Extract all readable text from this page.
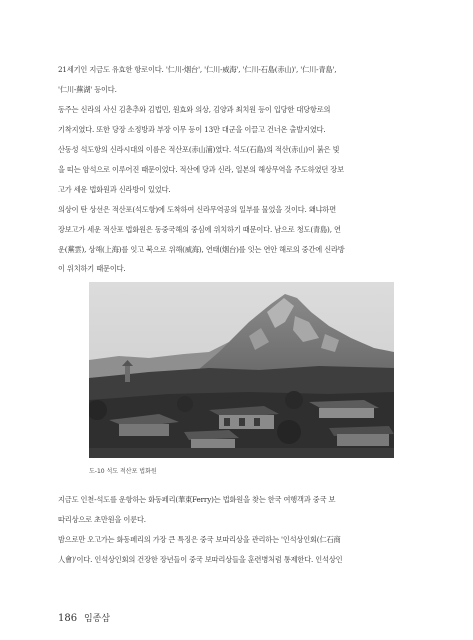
21세기인 지금도 유효한 항로이다. '仁川-烟台', '仁川-威海', '仁川-石島(赤山)', '仁川-青島',
'仁川-蕪湖' 등이다.
동주는 신라의 사신 김춘추와 김법민, 원효와 의상, 김양과 최치원 등이 입당한 대당항로의
기착지였다. 또한 당장 소정방과 부장 이무 등이 13만 대군을 이끌고 건너온 출발지였다.
산동성 석도항의 신라시대의 이름은 적산포(赤山浦)였다. 석도(石島)의 적산(赤山)이 붉은 빛
을 띠는 암석으로 이루어진 때문이었다. 적산에 당과 신라, 일본의 해상무역을 주도하였던 장보
고가 세운 법화원과 신라방이 있었다.
의상이 탄 상선은 적산포(석도항)에 도착하여 신라무역공의 일부를 물었을 것이다. 왜냐하면
장보고가 세운 적산포 법화원은 동중국해의 중심에 위치하기 때문이다. 남으로 청도(青島), 연
운(蕪雲), 상해(上海)를 잇고 북으로 위해(威海), 연태(烟台)를 잇는 연안 해로의 중간에 신라방
이 위치하기 때문이다.
도-10 석도 적산포 법화원
지금도 인천-석도를 운항하는 화동페리(華東Ferry)는 법화원을 찾는 한국 여행객과 중국 보
따리상으로 초만원을 이룬다.
밤으로만 오고가는 화동페리의 가장 큰 특징은 중국 보따리상을 관리하는 '인석상인회(仁石商
人會)'이다. 인석상인회의 건장한 장년들이 중국 보따리상들을 훈련병처럼 통제한다. 인석상인
186 임종삼
